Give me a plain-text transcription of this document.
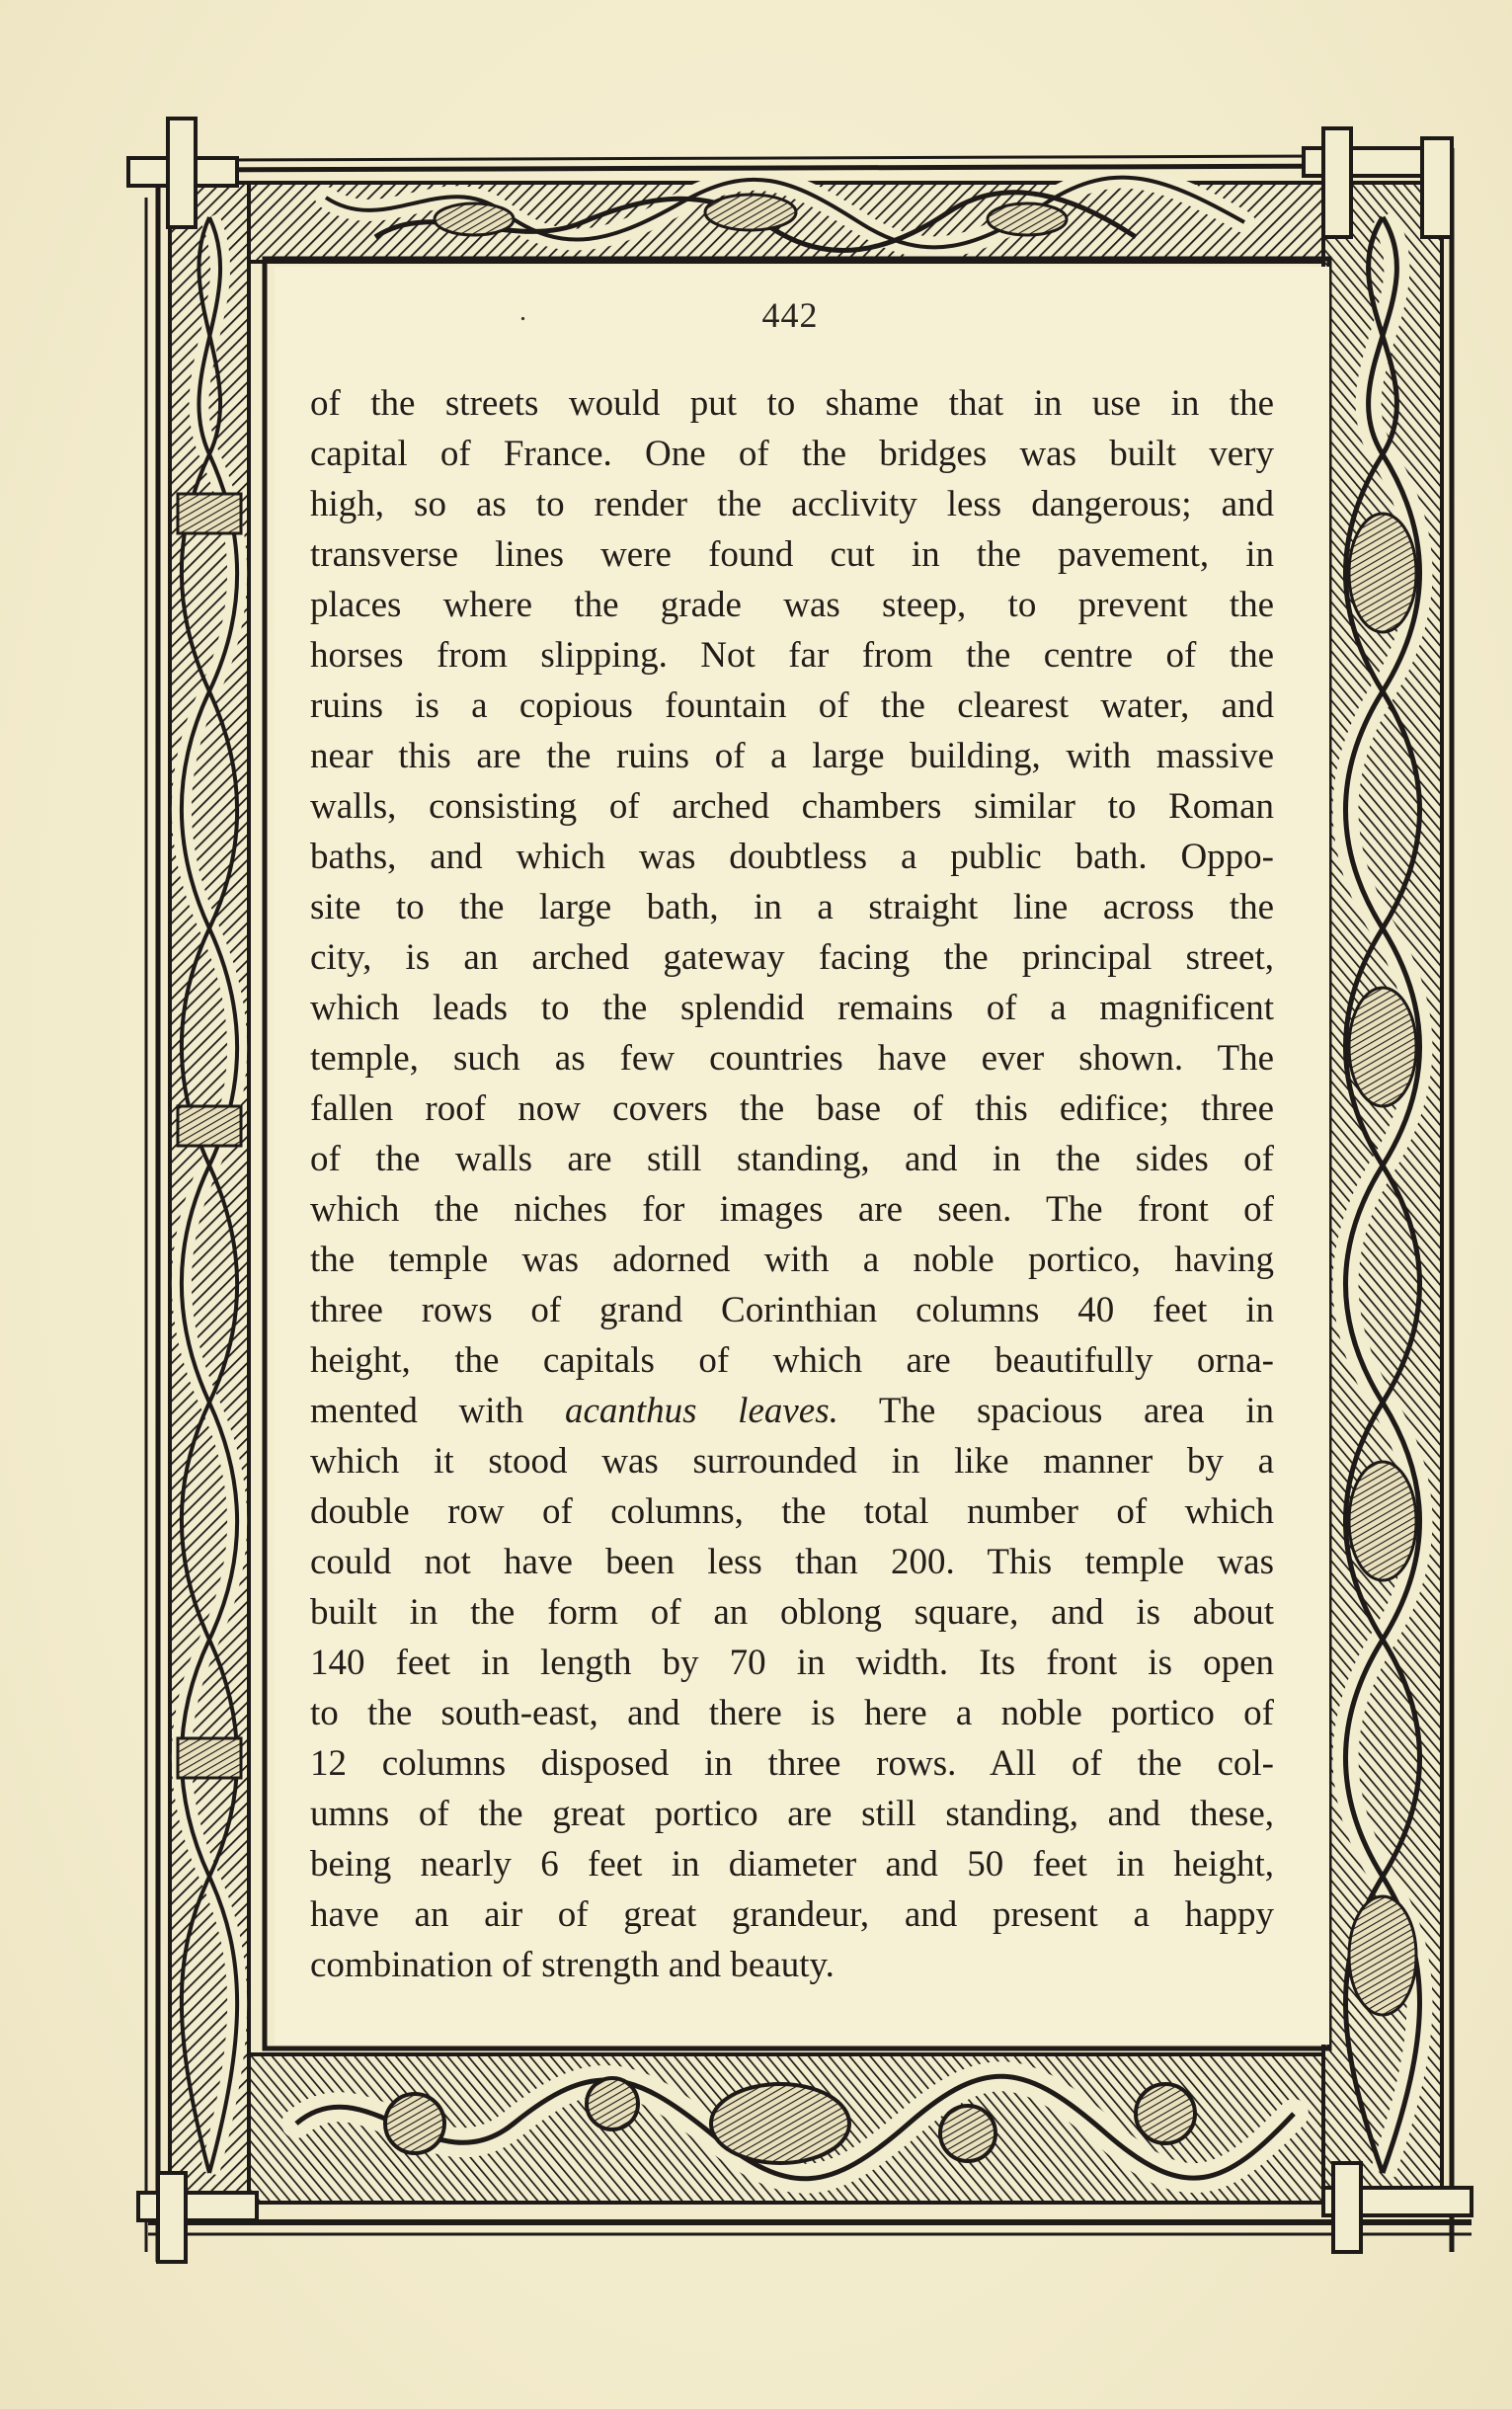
.	442
of the streets would put to shame that in use in the
capital of France. One of the bridges was built very
high, so as to render the acclivity less dangerous; and
transverse lines were found cut in the pavement, in
places where the grade was steep, to prevent the
horses from slipping. Not far from the centre of the
ruins is a copious fountain of the clearest water, and
near this are the ruins of a large building, with massive
walls, consisting of arched chambers similar to Roman
baths, and which was doubtless a public bath. Oppo-
site to the large bath, in a straight line across the
city, is an arched gateway facing the principal street,
which leads to the splendid remains of a magnificent
temple, such as few countries have ever shown. The
fallen roof now covers the base of this edifice; three
of the walls are still standing, and in the sides of
which the niches for images are seen. The front of
the temple was adorned with a noble portico, having
three rows of grand Corinthian columns 40 feet in
height, the capitals of which are beautifully orna-
mented with acanthus leaves. The spacious area in
which it stood was surrounded in like manner by a
double row of columns, the total number of which
could not have been less than 200. This temple was
built in the form of an oblong square, and is about
140 feet in length by 70 in width. Its front is open
to the south-east, and there is here a noble portico of
12 columns disposed in three rows. All of the col-
umns of the great portico are still standing, and these,
being nearly 6 feet in diameter and 50 feet in height,
have an air of great grandeur, and present a happy
combination of strength and beauty.
